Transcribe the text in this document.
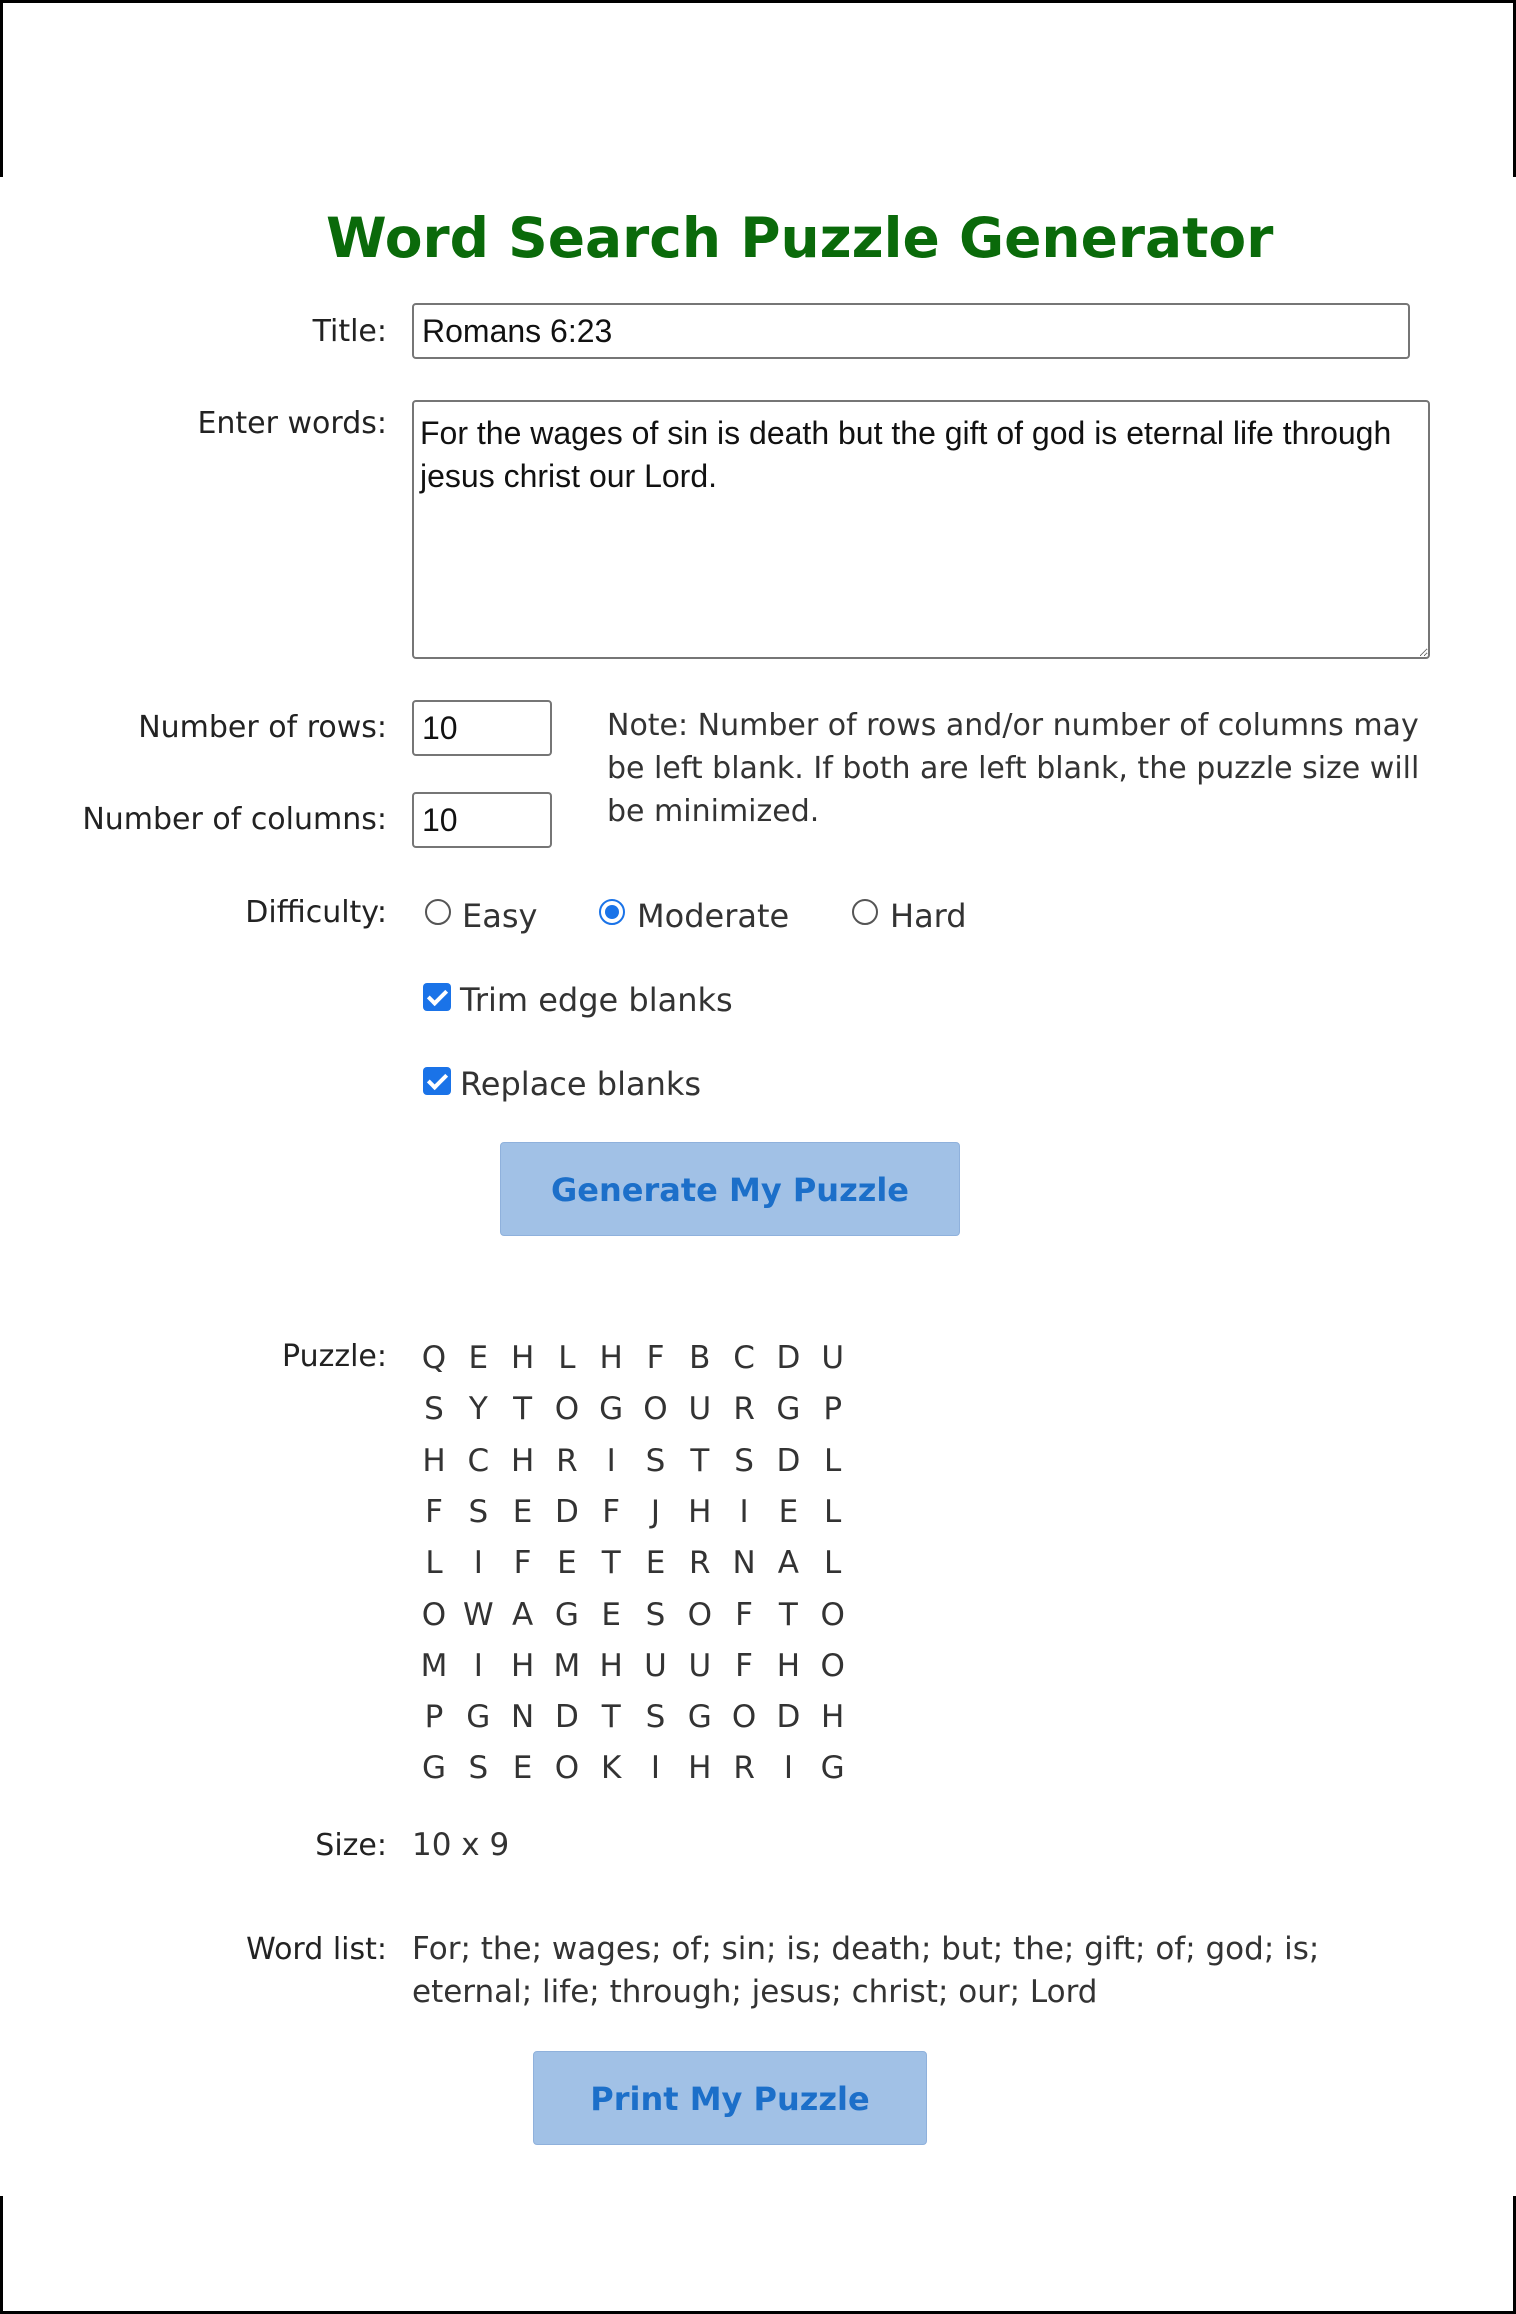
Word Search Puzzle Generator
Title:
Romans 6:23
Enter words:
For the wages of sin is death but the gift of god is eternal life through jesus christ our Lord.
Number of rows:
10
Number of columns:
10
Note: Number of rows and/or number of columns may be left blank. If both are left blank, the puzzle size will be minimized.
Difficulty: Easy	Moderate	Hard
Trim edge blanks
Replace blanks
Generate My Puzzle
Puzzle: Q E H L H F B C D U
S Y T O G O U R G P
H C H R I S T S D L
F S E D F J H I E L
L	I F E T E R N A L
O W A G E S O F T O
M I H M H U U F H O
P G N D T S G O D H
G S E O K I H R I G
Size: 10 x 9
Word list: For; the; wages; of; sin; is; death; but; the; gift; of; god; is; eternal; life; through; jesus; christ; our; Lord
Print My Puzzle
